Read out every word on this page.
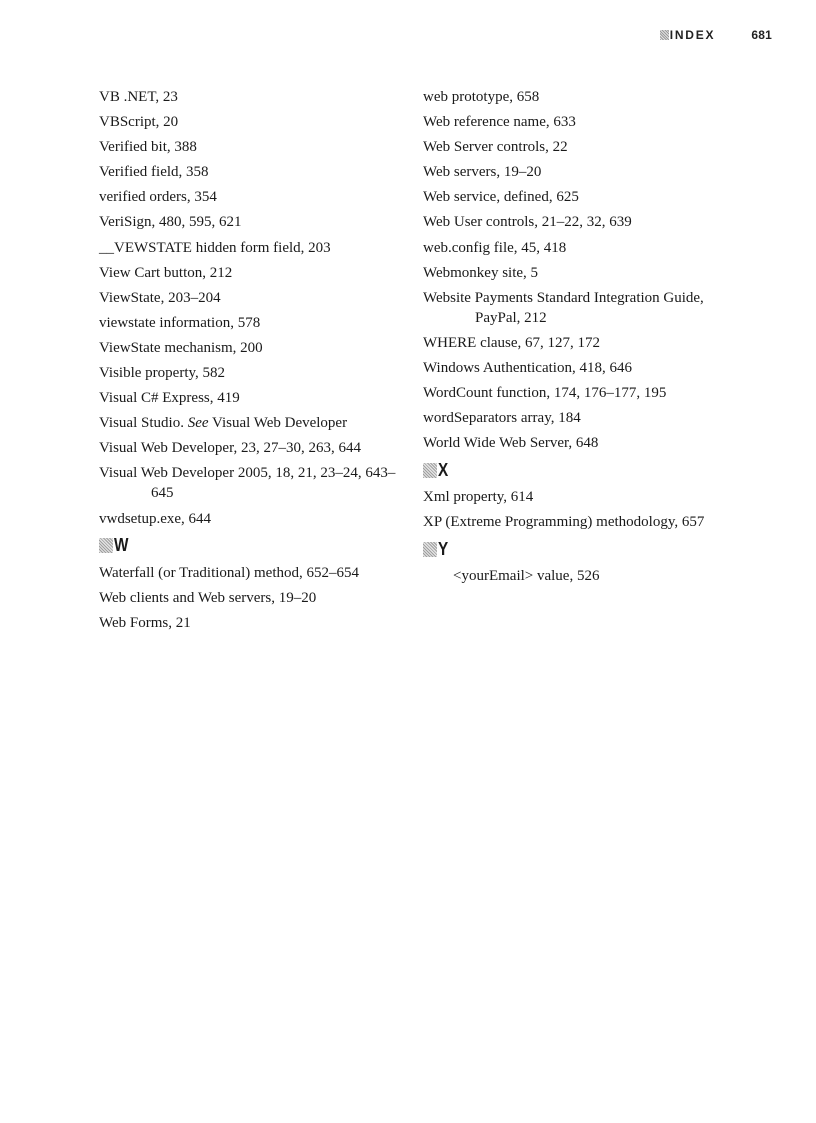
INDEX	681
VB .NET, 23
VBScript, 20
Verified bit, 388
Verified field, 358
verified orders, 354
VeriSign, 480, 595, 621
__VEWSTATE hidden form field, 203
View Cart button, 212
ViewState, 203–204
viewstate information, 578
ViewState mechanism, 200
Visible property, 582
Visual C# Express, 419
Visual Studio. See Visual Web Developer
Visual Web Developer, 23, 27–30, 263, 644
Visual Web Developer 2005, 18, 21, 23–24, 643–645
vwdsetup.exe, 644
W
Waterfall (or Traditional) method, 652–654
Web clients and Web servers, 19–20
Web Forms, 21
web prototype, 658
Web reference name, 633
Web Server controls, 22
Web servers, 19–20
Web service, defined, 625
Web User controls, 21–22, 32, 639
web.config file, 45, 418
Webmonkey site, 5
Website Payments Standard Integration Guide, PayPal, 212
WHERE clause, 67, 127, 172
Windows Authentication, 418, 646
WordCount function, 174, 176–177, 195
wordSeparators array, 184
World Wide Web Server, 648
X
Xml property, 614
XP (Extreme Programming) methodology, 657
Y
<yourEmail> value, 526
